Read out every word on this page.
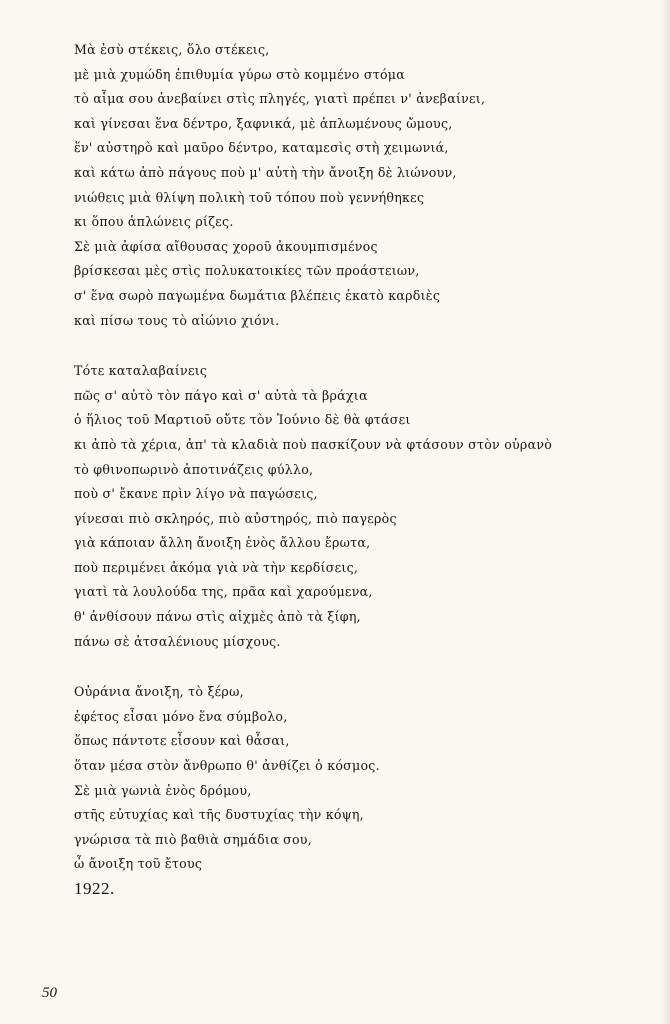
Μὰ ἐσὺ στέκεις, ὅλο στέκεις,
μὲ μιὰ χυμώδη ἐπιθυμία γύρω στὸ κομμένο στόμα
τὸ αἷμα σου ἀνεβαίνει στὶς πληγές, γιατὶ πρέπει ν' ἀνεβαίνει,
καὶ γίνεσαι ἕνα δέντρο, ξαφνικά, μὲ ἁπλωμένους ὤμους,
ἕν' αὐστηρὸ καὶ μαῦρο δέντρο, καταμεσὶς στὴ χειμωνιά,
καὶ κάτω ἀπὸ πάγους ποὺ μ' αὐτὴ τὴν ἄνοιξη δὲ λιώνουν,
νιώθεις μιὰ θλίψη πολικὴ τοῦ τόπου ποὺ γεννήθηκες
κι ὅπου ἁπλώνεις ρίζες.
Σὲ μιὰ ἀφίσα αἴθουσας χοροῦ ἀκουμπισμένος
βρίσκεσαι μὲς στὶς πολυκατοικίες τῶν προάστειων,
σ' ἕνα σωρὸ παγωμένα δωμάτια βλέπεις ἑκατὸ καρδιὲς
καὶ πίσω τους τὸ αἰώνιο χιόνι.
Τότε καταλαβαίνεις
πῶς σ' αὐτὸ τὸν πάγο καὶ σ' αὐτὰ τὰ βράχια
ὁ ἥλιος τοῦ Μαρτιοῦ οὔτε τὸν Ἰούνιο δὲ θὰ φτάσει
κι ἀπὸ τὰ χέρια, ἀπ' τὰ κλαδιὰ ποὺ πασκίζουν νὰ φτάσουν στὸν οὐρανὸ
τὸ φθινοπωρινὸ ἀποτινάζεις φύλλο,
ποὺ σ' ἔκανε πρὶν λίγο νὰ παγώσεις,
γίνεσαι πιὸ σκληρός, πιὸ αὐστηρός, πιὸ παγερὸς
γιὰ κάποιαν ἄλλη ἄνοιξη ἑνὸς ἄλλου ἔρωτα,
ποὺ περιμένει ἀκόμα γιὰ νὰ τὴν κερδίσεις,
γιατὶ τὰ λουλούδα της, πρᾶα καὶ χαρούμενα,
θ' ἀνθίσουν πάνω στὶς αἰχμὲς ἀπὸ τὰ ξίφη,
πάνω σὲ ἀτσαλένιους μίσχους.
Οὐράνια ἄνοιξη, τὸ ξέρω,
ἐφέτος εἶσαι μόνο ἕνα σύμβολο,
ὅπως πάντοτε εἶσουν καὶ θἆσαι,
ὅταν μέσα στὸν ἄνθρωπο θ' ἀνθίζει ὁ κόσμος.
Σὲ μιὰ γωνιὰ ἑνὸς δρόμου,
στῆς εὐτυχίας καὶ τῆς δυστυχίας τὴν κόψη,
γνώρισα τὰ πιὸ βαθιὰ σημάδια σου,
ὦ ἄνοιξη τοῦ ἔτους
1922.
50
